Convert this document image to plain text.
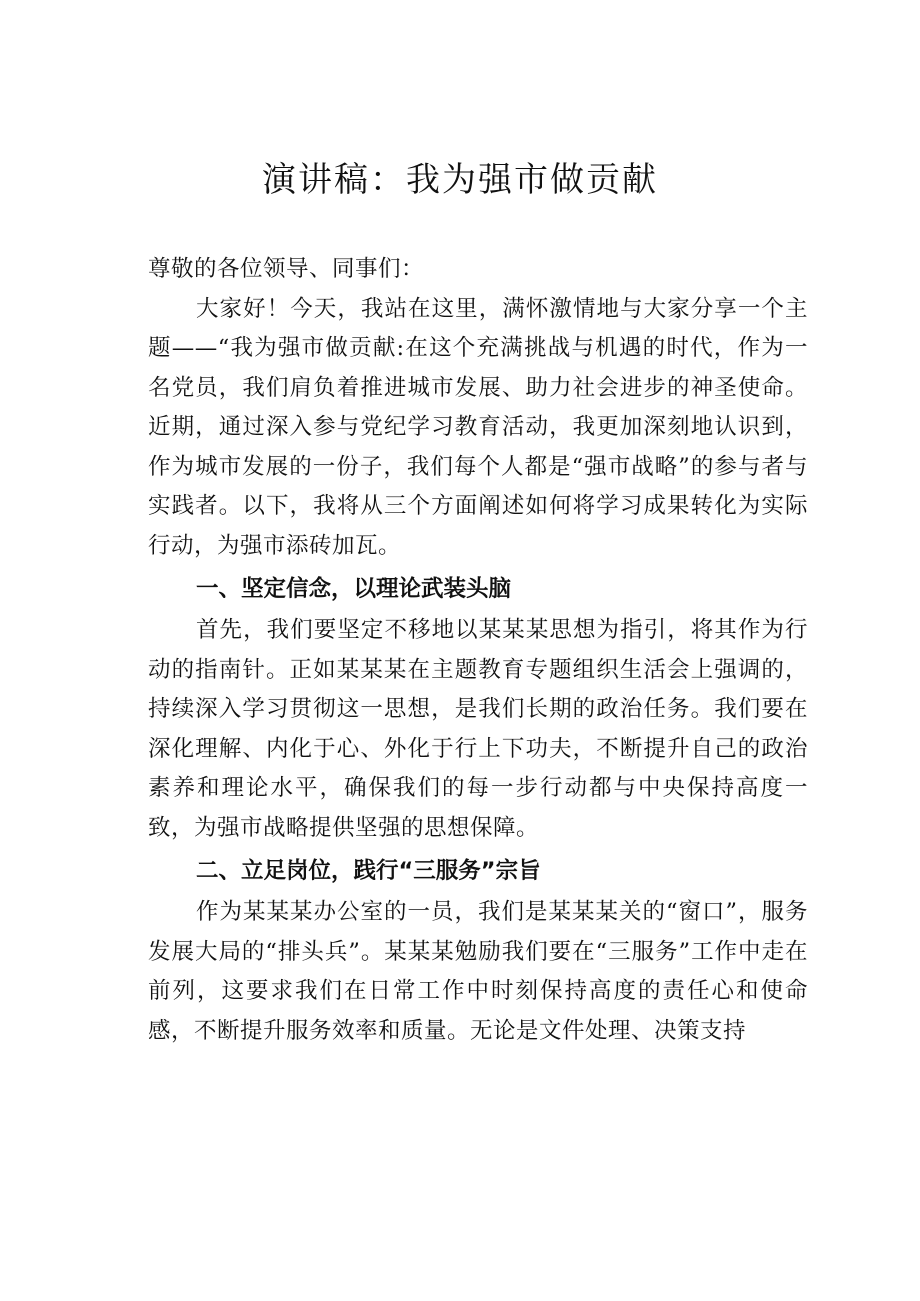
演讲稿：我为强市做贡献

尊敬的各位领导、同事们：

大家好！今天，我站在这里，满怀激情地与大家分享一个主题——“我为强市做贡献:在这个充满挑战与机遇的时代，作为一名党员，我们肩负着推进城市发展、助力社会进步的神圣使命。近期，通过深入参与党纪学习教育活动，我更加深刻地认识到，作为城市发展的一份子，我们每个人都是“强市战略”的参与者与实践者。以下，我将从三个方面阐述如何将学习成果转化为实际行动，为强市添砖加瓦。

一、坚定信念，以理论武装头脑

首先，我们要坚定不移地以某某某思想为指引，将其作为行动的指南针。正如某某某在主题教育专题组织生活会上强调的，持续深入学习贯彻这一思想，是我们长期的政治任务。我们要在深化理解、内化于心、外化于行上下功夫，不断提升自己的政治素养和理论水平，确保我们的每一步行动都与中央保持高度一致，为强市战略提供坚强的思想保障。

二、立足岗位，践行“三服务”宗旨

作为某某某办公室的一员，我们是某某某关的“窗口”，服务发展大局的“排头兵”。某某某勉励我们要在“三服务”工作中走在前列，这要求我们在日常工作中时刻保持高度的责任心和使命感，不断提升服务效率和质量。无论是文件处理、决策支持
